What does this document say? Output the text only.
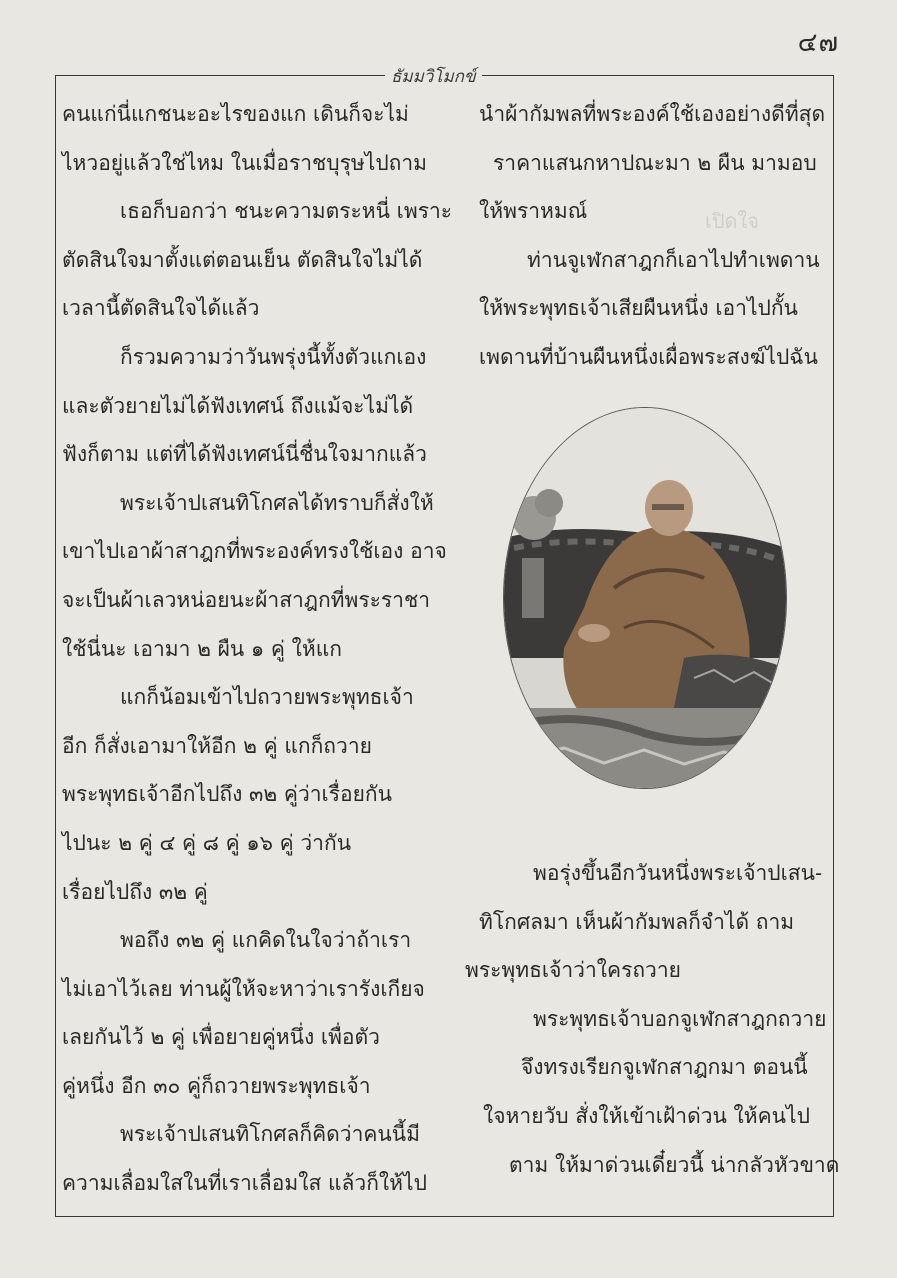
๔๗
ธัมมวิโมกข์
เปิดใจ

คนแก่นี่แกชนะอะไรของแก เดินก็จะไม่

ไหวอยู่แล้วใช่ไหม ในเมื่อราชบุรุษไปถาม

เธอก็บอกว่า ชนะความตระหนี่ เพราะ

ตัดสินใจมาตั้งแต่ตอนเย็น ตัดสินใจไม่ได้

เวลานี้ตัดสินใจได้แล้ว

ก็รวมความว่าวันพรุ่งนี้ทั้งตัวแกเอง

และตัวยายไม่ได้ฟังเทศน์ ถึงแม้จะไม่ได้

ฟังก็ตาม แต่ที่ได้ฟังเทศน์นี่ชื่นใจมากแล้ว

พระเจ้าปเสนทิโกศลได้ทราบก็สั่งให้

เขาไปเอาผ้าสาฎกที่พระองค์ทรงใช้เอง อาจ

จะเป็นผ้าเลวหน่อยนะผ้าสาฎกที่พระราชา

ใช้นี่นะ เอามา ๒ ผืน ๑ คู่ ให้แก

แกก็น้อมเข้าไปถวายพระพุทธเจ้า

อีก ก็สั่งเอามาให้อีก ๒ คู่ แกก็ถวาย

พระพุทธเจ้าอีกไปถึง ๓๒ คู่ว่าเรื่อยกัน

ไปนะ ๒ คู่ ๔ คู่ ๘ คู่ ๑๖ คู่ ว่ากัน

เรื่อยไปถึง ๓๒ คู่

พอถึง ๓๒ คู่ แกคิดในใจว่าถ้าเรา

ไม่เอาไว้เลย ท่านผู้ให้จะหาว่าเรารังเกียจ

เลยกันไว้ ๒ คู่ เพื่อยายคู่หนึ่ง เพื่อตัว

คู่หนึ่ง อีก ๓๐ คู่ก็ถวายพระพุทธเจ้า

พระเจ้าปเสนทิโกศลก็คิดว่าคนนี้มี

ความเลื่อมใสในที่เราเลื่อมใส แล้วก็ให้ไป

นำผ้ากัมพลที่พระองค์ใช้เองอย่างดีที่สุด

ราคาแสนกหาปณะมา ๒ ผืน มามอบ

ให้พราหมณ์

ท่านจูเฬกสาฎกก็เอาไปทำเพดาน

ให้พระพุทธเจ้าเสียผืนหนึ่ง เอาไปกั้น

เพดานที่บ้านผืนหนึ่งเผื่อพระสงฆ์ไปฉัน

พอรุ่งขึ้นอีกวันหนึ่งพระเจ้าปเสน-

ทิโกศลมา เห็นผ้ากัมพลก็จำได้ ถาม

พระพุทธเจ้าว่าใครถวาย

พระพุทธเจ้าบอกจูเฬกสาฎกถวาย

จึงทรงเรียกจูเฬกสาฎกมา ตอนนี้

ใจหายวับ สั่งให้เข้าเฝ้าด่วน ให้คนไป

ตาม ให้มาด่วนเดี๋ยวนี้ น่ากลัวหัวขาด
